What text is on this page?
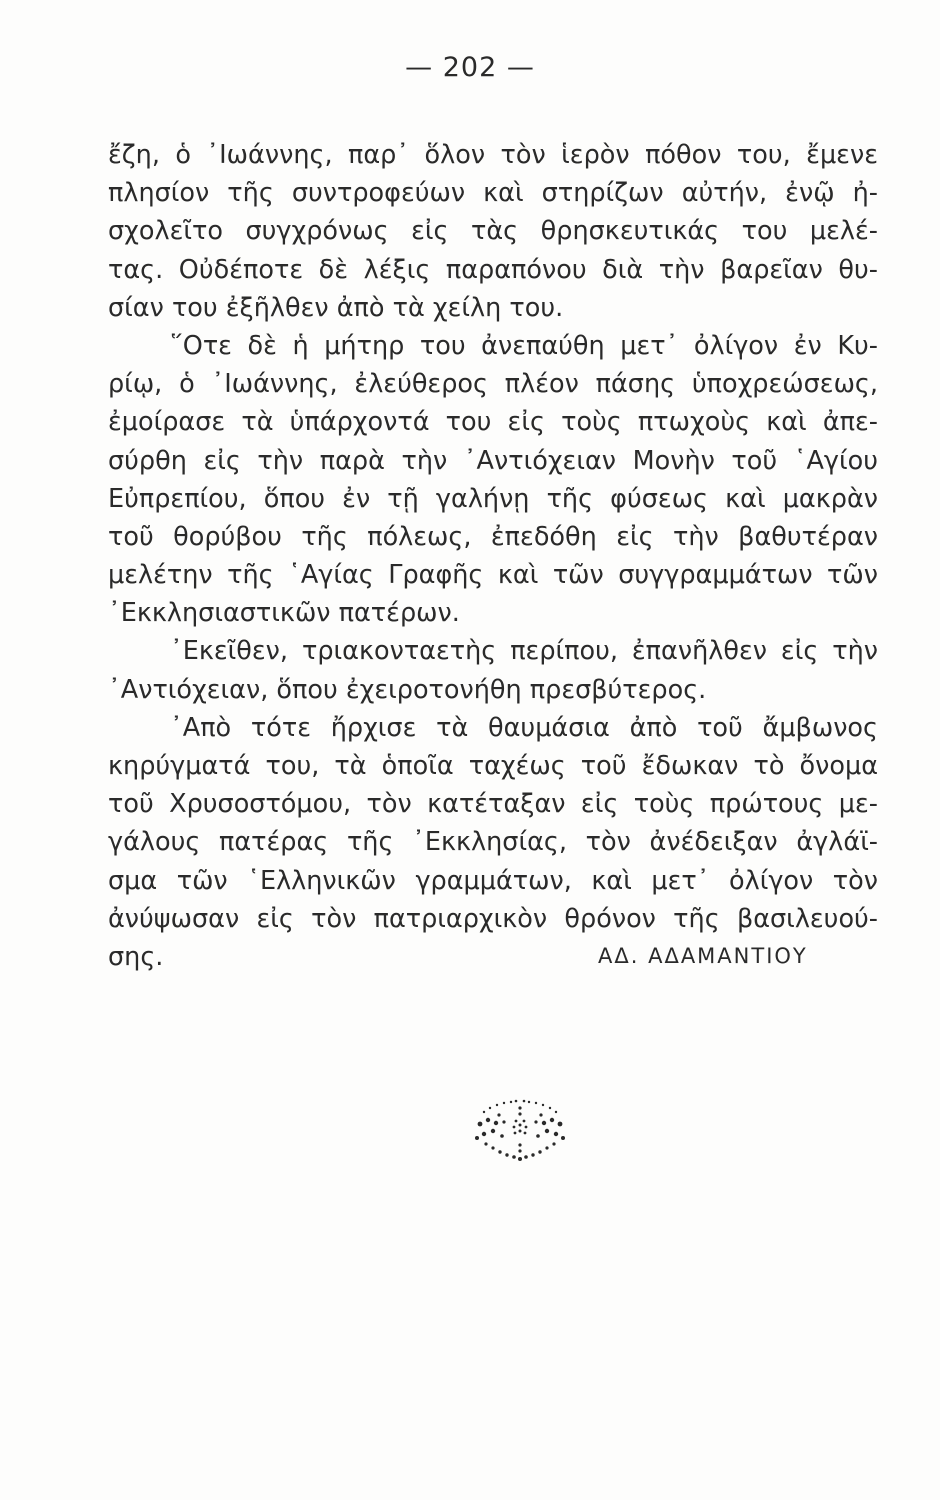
— 202 —
ἔζη, ὁ ᾿Ιωάννης, παρ᾿ ὅλον τὸν ἱερὸν πόθον του, ἔμενε
πλησίον τῆς συντροφεύων καὶ στηρίζων αὐτήν, ἐνῷ ἠ-
σχολεῖτο συγχρόνως εἰς τὰς θρησκευτικάς του μελέ-
τας. Οὐδέποτε δὲ λέξις παραπόνου διὰ τὴν βαρεῖαν θυ-
σίαν του ἐξῆλθεν ἀπὸ τὰ χείλη του.
῞Οτε δὲ ἡ μήτηρ του ἀνεπαύθη μετ᾿ ὀλίγον ἐν Κυ-
ρίῳ, ὁ ᾿Ιωάννης, ἐλεύθερος πλέον πάσης ὑποχρεώσεως,
ἐμοίρασε τὰ ὑπάρχοντά του εἰς τοὺς πτωχοὺς καὶ ἀπε-
σύρθη εἰς τὴν παρὰ τὴν ᾿Αντιόχειαν Μονὴν τοῦ ῾Αγίου
Εὐπρεπίου, ὅπου ἐν τῇ γαλήνῃ τῆς φύσεως καὶ μακρὰν
τοῦ θορύβου τῆς πόλεως, ἐπεδόθη εἰς τὴν βαθυτέραν
μελέτην τῆς ῾Αγίας Γραφῆς καὶ τῶν συγγραμμάτων τῶν
᾿Εκκλησιαστικῶν πατέρων.
᾿Εκεῖθεν, τριακονταετὴς περίπου, ἐπανῆλθεν εἰς τὴν
᾿Αντιόχειαν, ὅπου ἐχειροτονήθη πρεσβύτερος.
᾿Απὸ τότε ἤρχισε τὰ θαυμάσια ἀπὸ τοῦ ἄμβωνος
κηρύγματά του, τὰ ὁποῖα ταχέως τοῦ ἔδωκαν τὸ ὄνομα
τοῦ Χρυσοστόμου, τὸν κατέταξαν εἰς τοὺς πρώτους με-
γάλους πατέρας τῆς ᾿Εκκλησίας, τὸν ἀνέδειξαν ἀγλάϊ-
σμα τῶν ῾Ελληνικῶν γραμμάτων, καὶ μετ᾿ ὀλίγον τὸν
ἀνύψωσαν εἰς τὸν πατριαρχικὸν θρόνον τῆς βασιλευού-
σης.	ΑΔ. ΑΔΑΜΑΝΤΙΟΥ
